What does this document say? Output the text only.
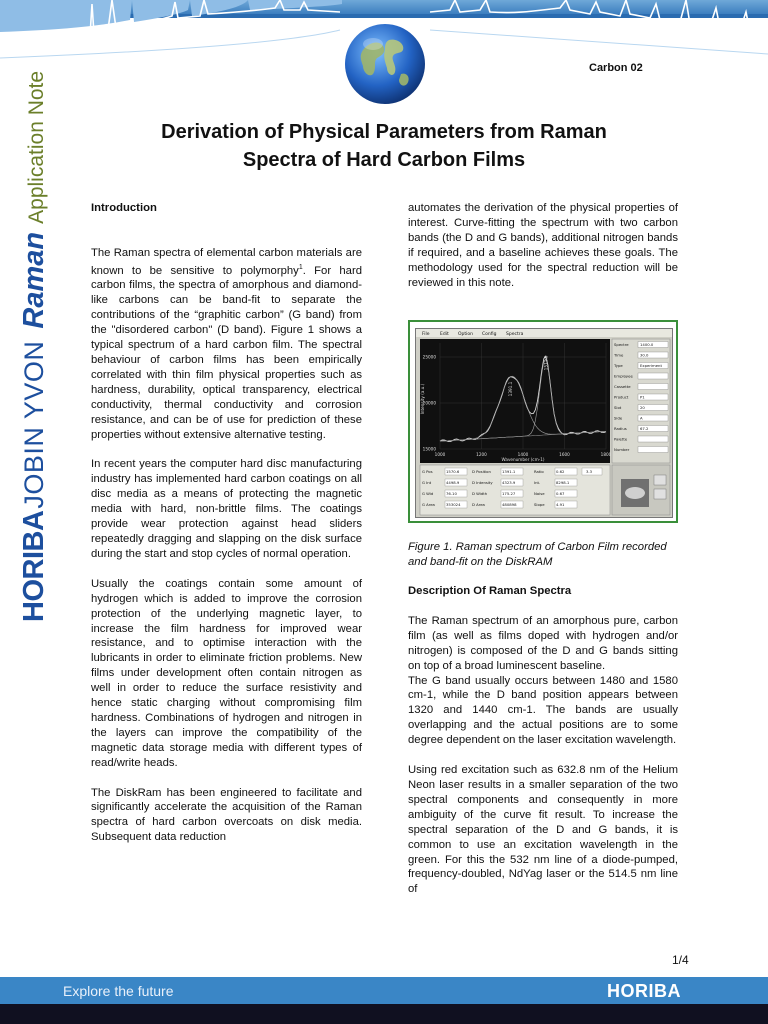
Carbon 02
HORIBA
JOBIN YVON
Raman
Application Note	Derivation of Physical Parameters from Raman
Spectra of Hard Carbon Films

Introduction

The Raman spectra of elemental carbon materials are known to be sensitive to polymorphy$^1$. For hard carbon films, the spectra of amorphous and diamond-like carbons can be band-fit to separate the contributions of the “graphitic carbon” (G band) from the "disordered carbon" (D band). Figure 1 shows a typical spectrum of a hard carbon film. The spectral behaviour of carbon films has been empirically correlated with thin film physical properties such as hardness, durability, optical transparency, electrical conductivity, thermal conductivity and corrosion resistance, and can be of use for prediction of these properties without extensive alternative testing.

In recent years the computer hard disc manufacturing industry has implemented hard carbon coatings on all disc media as a means of protecting the magnetic media with hard, non-brittle films. The coatings provide wear protection against head sliders repeatedly dragging and slapping on the disk surface during the start and stop cycles of normal operation.

Usually the coatings contain some amount of hydrogen which is added to improve the corrosion protection of the underlying magnetic layer, to increase the film hardness for improved wear resistance, and to optimise interaction with the lubricants in order to eliminate friction problems. New films under development often contain nitrogen as well in order to reduce the surface resistivity and hence static charging without compromising film hardness. Combinations of hydrogen and nitrogen in the layers can improve the compatibility of the magnetic data storage media with different types of read/write heads.

The DiskRam has been engineered to facilitate and significantly accelerate the acquisition of the Raman spectra of hard carbon overcoats on disk media. Subsequent data reduction

automates the derivation of the physical properties of interest. Curve-fitting the spectrum with two carbon bands (the D and G bands), additional nitrogen bands if required, and a baseline achieves these goals. The methodology used for the spectral reduction will be reviewed in this note.

File Edit Option Config Spectra
1000	1200	1400	1600	1800
25000
20000
15000
Wavenumber (cm-1)
Intensity (a.u.)	1391.1
1571.6
Spectre	1400.0
Time	30.0
Type	Experiment
Employee
Cassette
Product	P1
Slot	20
Side	A
Radius	67.2
Palette
Number
G Pos	1570.6	D Position	1391.1	Ratio	0.62
G Int	4498.9	D Intensity 4323.9	Int.	8298.1
G Wid	76.10	D Width	175.27	Noise	0.67
G Area	353024	D Area	480898	Slope	4.91
3.3
Figure 1. Raman spectrum of Carbon Film recorded and band-fit on the DiskRAM

Description Of Raman Spectra

The Raman spectrum of an amorphous pure, carbon film (as well as films doped with hydrogen and/or nitrogen) is composed of the D and G bands sitting on top of a broad luminescent baseline.

The G band usually occurs between 1480 and 1580 cm-1, while the D band position appears between 1320 and 1440 cm-1. The bands are usually overlapping and the actual positions are to some degree dependent on the laser excitation wavelength.

Using red excitation such as 632.8 nm of the Helium Neon laser results in a smaller separation of the two spectral components and consequently in more ambiguity of the curve fit result. To increase the spectral separation of the D and G bands, it is common to use an excitation wavelength in the green. For this the 532 nm line of a diode-pumped, frequency-doubled, NdYag laser or the 514.5 nm line of

1/4
Explore the future	HORIBA
